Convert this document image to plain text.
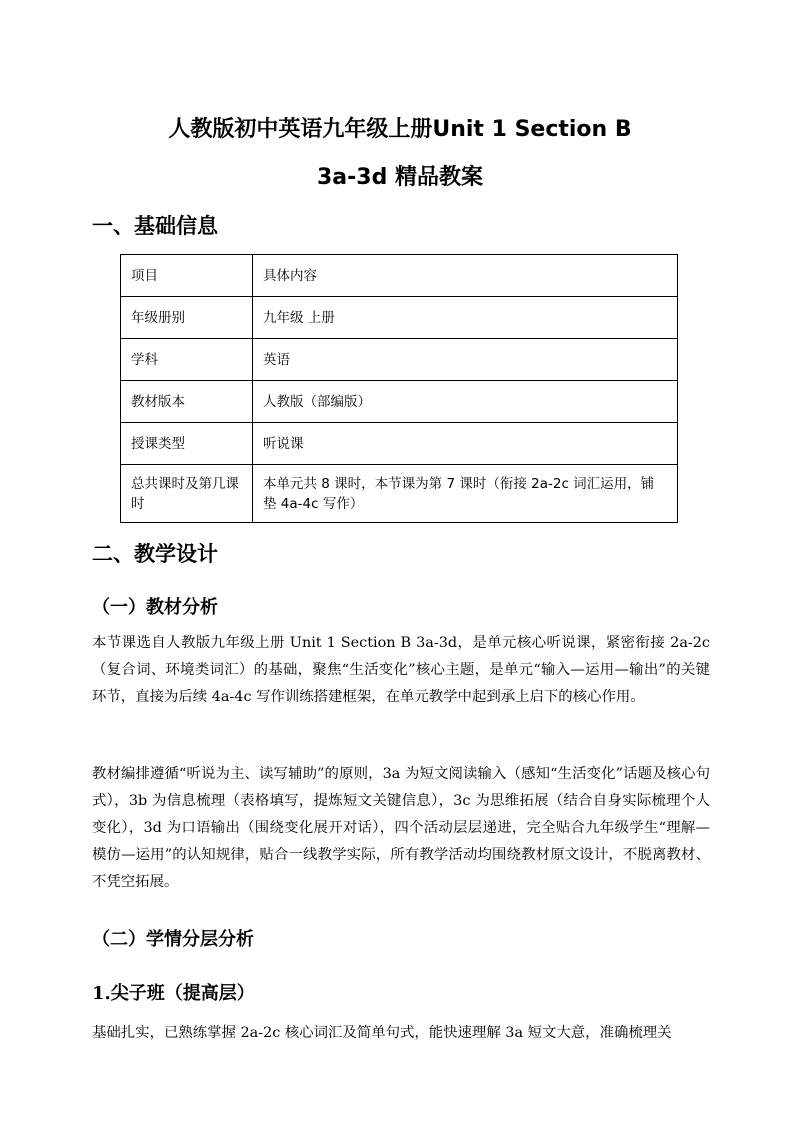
人教版初中英语九年级上册Unit 1 Section B
3a-3d 精品教案
一、基础信息
项目	具体内容
年级册别	九年级 上册
学科	英语
教材版本	人教版（部编版）
授课类型	听说课
总共课时及第几课时	本单元共 8 课时，本节课为第 7 课时（衔接 2a-2c 词汇运用，铺垫 4a-4c 写作）
二、教学设计
（一）教材分析
本节课选自人教版九年级上册 Unit 1 Section B 3a-3d，是单元核心听说课，紧密衔接 2a-2c（复合词、环境类词汇）的基础，聚焦“生活变化”核心主题，是单元“输入—运用—输出”的关键环节，直接为后续 4a-4c 写作训练搭建框架，在单元教学中起到承上启下的核心作用。
教材编排遵循“听说为主、读写辅助”的原则，3a 为短文阅读输入（感知“生活变化”话题及核心句式），3b 为信息梳理（表格填写，提炼短文关键信息），3c 为思维拓展（结合自身实际梳理个人变化），3d 为口语输出（围绕变化展开对话），四个活动层层递进，完全贴合九年级学生“理解—模仿—运用”的认知规律，贴合一线教学实际，所有教学活动均围绕教材原文设计，不脱离教材、不凭空拓展。
（二）学情分层分析
1.尖子班（提高层）
基础扎实，已熟练掌握 2a-2c 核心词汇及简单句式，能快速理解 3a 短文大意，准确梳理关
